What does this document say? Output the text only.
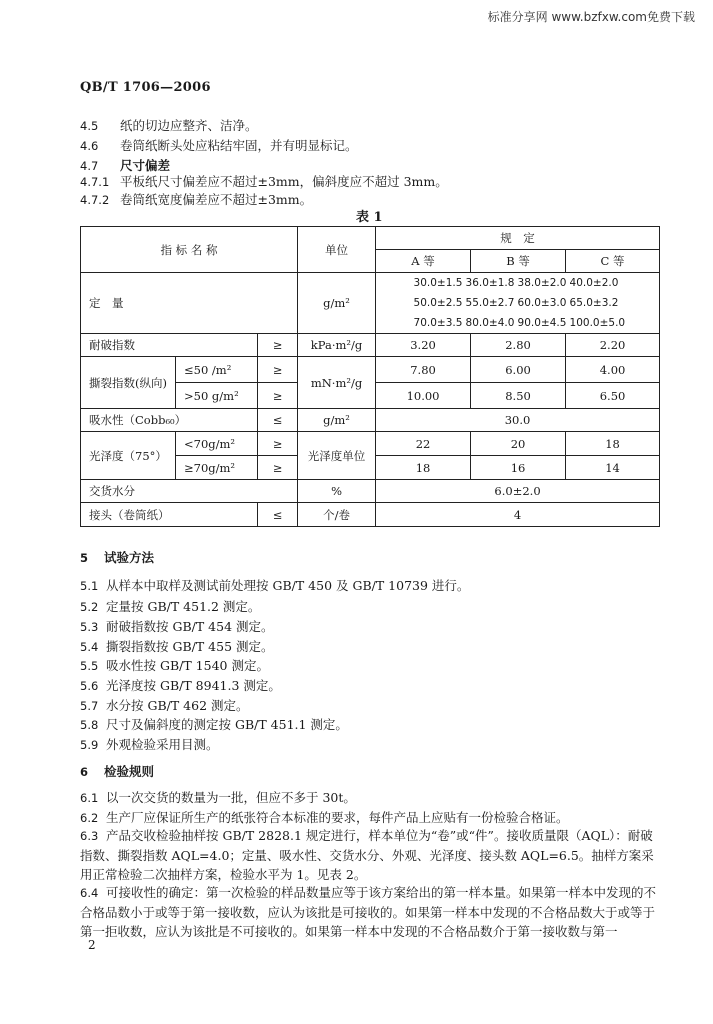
标准分享网 www.bzfxw.com免费下载
QB/T 1706—2006
4.5 纸的切边应整齐、洁净。
4.6 卷筒纸断头处应粘结牢固，并有明显标记。
4.7 尺寸偏差
4.7.1 平板纸尺寸偏差应不超过±3mm，偏斜度应不超过 3mm。
4.7.2 卷筒纸宽度偏差应不超过±3mm。
表 1
指 标 名 称			单位	规　定		
				A 等	B 等	C 等
定　量			g/m²	30.0±1.5 36.0±1.8 38.0±2.0 40.0±2.0
50.0±2.5 55.0±2.7 60.0±3.0 65.0±3.2
70.0±3.5 80.0±4.0 90.0±4.5 100.0±5.0		

耐破指数		≥	kPa·m²/g	3.20	2.80	2.20
撕裂指数(纵向)	≤50 /m²	≥	mN·m²/g	7.80	6.00	4.00
	>50 g/m²	≥		10.00	8.50	6.50
吸水性（Cobb₆₀）		≤	g/m²	30.0		
光泽度（75°）	<70g/m²	≥	光泽度单位	22	20	18
	≥70g/m²	≥		18	16	14
交货水分			%	6.0±2.0		
接头（卷筒纸）		≤	个/卷	4		
5 试验方法
5.1 从样本中取样及测试前处理按 GB/T 450 及 GB/T 10739 进行。
5.2 定量按 GB/T 451.2 测定。
5.3 耐破指数按 GB/T 454 测定。
5.4 撕裂指数按 GB/T 455 测定。
5.5 吸水性按 GB/T 1540 测定。
5.6 光泽度按 GB/T 8941.3 测定。
5.7 水分按 GB/T 462 测定。
5.8 尺寸及偏斜度的测定按 GB/T 451.1 测定。
5.9 外观检验采用目测。
6 检验规则
6.1 以一次交货的数量为一批，但应不多于 30t。
6.2 生产厂应保证所生产的纸张符合本标准的要求，每件产品上应贴有一份检验合格证。

6.3 产品交收检验抽样按 GB/T 2828.1 规定进行，样本单位为“卷”或“件”。接收质量限（AQL）：耐破指数、撕裂指数 AQL=4.0；定量、吸水性、交货水分、外观、光泽度、接头数 AQL=6.5。抽样方案采用正常检验二次抽样方案，检验水平为 1。见表 2。

6.4 可接收性的确定：第一次检验的样品数量应等于该方案给出的第一样本量。如果第一样本中发现的不合格品数小于或等于第一接收数，应认为该批是可接收的。如果第一样本中发现的不合格品数大于或等于第一拒收数，应认为该批是不可接收的。如果第一样本中发现的不合格品数介于第一接收数与第一

2
